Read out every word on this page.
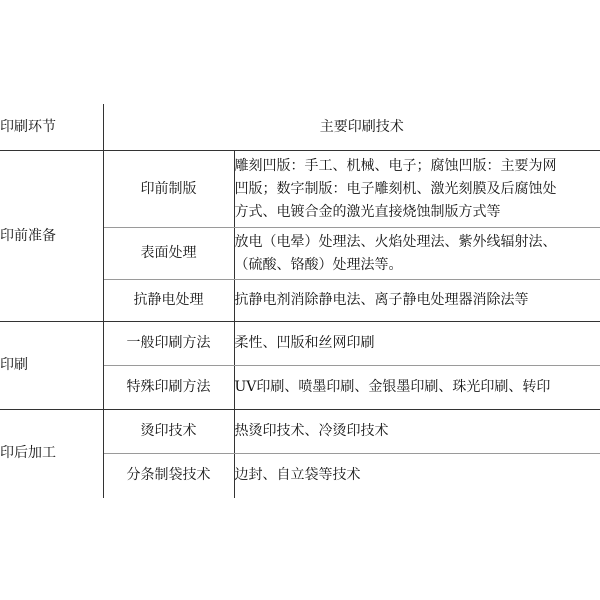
印刷环节	主要印刷技术	
印前准备	印前制版	雕刻凹版：手工、机械、电子；腐蚀凹版：主要为网
凹版；数字制版：电子雕刻机、激光刻膜及后腐蚀处
方式、电镀合金的激光直接烧蚀制版方式等

	表面处理	放电（电晕）处理法、火焰处理法、紫外线辐射法、
（硫酸、铬酸）处理法等。

	抗静电处理	抗静电剂消除静电法、离子静电处理器消除法等

印刷	一般印刷方法	柔性、凹版和丝网印刷

	特殊印刷方法	UV印刷、喷墨印刷、金银墨印刷、珠光印刷、转印

印后加工	烫印技术	热烫印技术、冷烫印技术

	分条制袋技术	边封、自立袋等技术
